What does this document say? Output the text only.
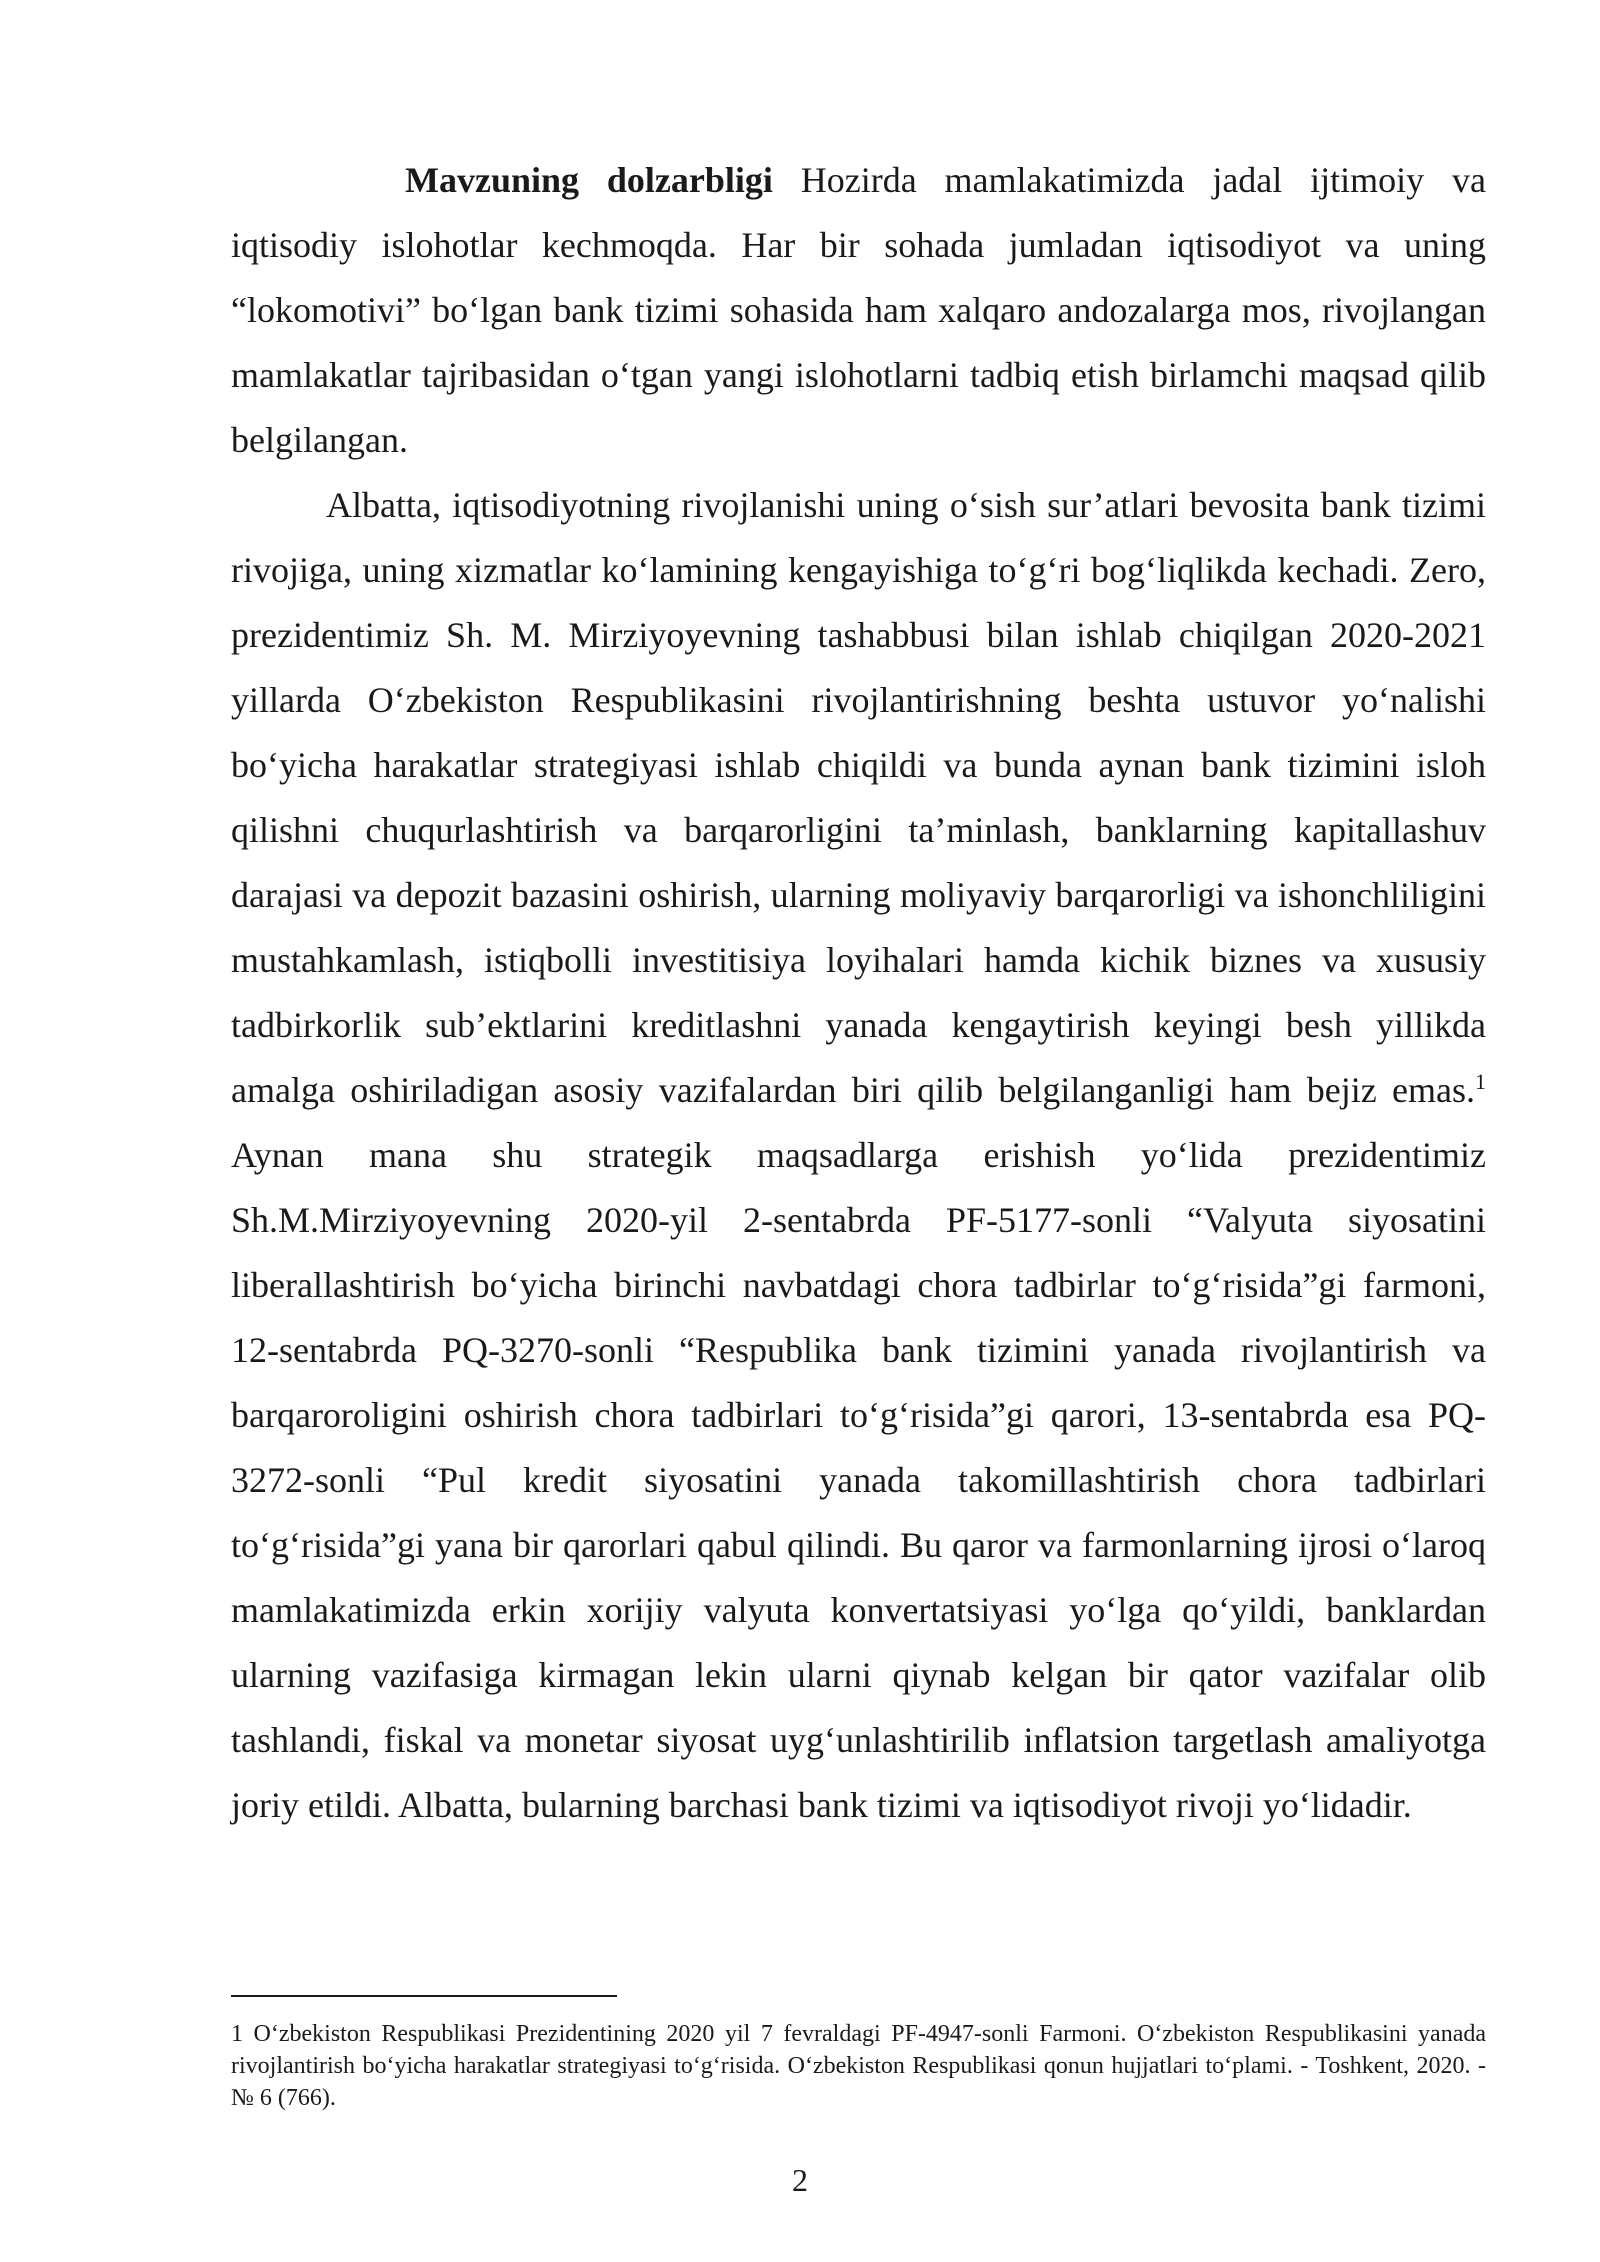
Mavzuning dolzarbligi Hozirda mamlakatimizda jadal ijtimoiy va iqtisodiy islohotlar kechmoqda. Har bir sohada jumladan iqtisodiyot va uning “lokomotivi” bo‘lgan bank tizimi sohasida ham xalqaro andozalarga mos, rivojlangan mamlakatlar tajribasidan o‘tgan yangi islohotlarni tadbiq etish birlamchi maqsad qilib belgilangan.

Albatta, iqtisodiyotning rivojlanishi uning o‘sish sur’atlari bevosita bank tizimi rivojiga, uning xizmatlar ko‘lamining kengayishiga to‘g‘ri bog‘liqlikda kechadi. Zero, prezidentimiz Sh. M. Mirziyoyevning tashabbusi bilan ishlab chiqilgan 2020-2021 yillarda O‘zbekiston Respublikasini rivojlantirishning beshta ustuvor yo‘nalishi bo‘yicha harakatlar strategiyasi ishlab chiqildi va bunda aynan bank tizimini isloh qilishni chuqurlashtirish va barqarorligini ta’minlash, banklarning kapitallashuv darajasi va depozit bazasini oshirish, ularning moliyaviy barqarorligi va ishonchliligini mustahkamlash, istiqbolli investitisiya loyihalari hamda kichik biznes va xususiy tadbirkorlik sub’ektlarini kreditlashni yanada kengaytirish keyingi besh yillikda amalga oshiriladigan asosiy vazifalardan biri qilib belgilanganligi ham bejiz emas.$^1$ Aynan mana shu strategik maqsadlarga erishish yo‘lida prezidentimiz Sh.M.Mirziyoyevning 2020-yil 2-sentabrda PF-5177-sonli “Valyuta siyosatini liberallashtirish bo‘yicha birinchi navbatdagi chora tadbirlar to‘g‘risida”gi farmoni, 12-sentabrda PQ-3270-sonli “Respublika bank tizimini yanada rivojlantirish va barqaroroligini oshirish chora tadbirlari to‘g‘risida”gi qarori, 13-sentabrda esa PQ-3272-sonli “Pul kredit siyosatini yanada takomillashtirish chora tadbirlari to‘g‘risida”gi yana bir qarorlari qabul qilindi. Bu qaror va farmonlarning ijrosi o‘laroq mamlakatimizda erkin xorijiy valyuta konvertatsiyasi yo‘lga qo‘yildi, banklardan ularning vazifasiga kirmagan lekin ularni qiynab kelgan bir qator vazifalar olib tashlandi, fiskal va monetar siyosat uyg‘unlashtirilib inflatsion targetlash amaliyotga joriy etildi. Albatta, bularning barchasi bank tizimi va iqtisodiyot rivoji yo‘lidadir.

1 O‘zbekiston Respublikasi Prezidentining 2020 yil 7 fevraldagi PF-4947-sonli Farmoni. O‘zbekiston Respublikasini yanada rivojlantirish bo‘yicha harakatlar strategiyasi to‘g‘risida. O‘zbekiston Respublikasi qonun hujjatlari to‘plami. - Toshkent, 2020. - № 6 (766).
2
